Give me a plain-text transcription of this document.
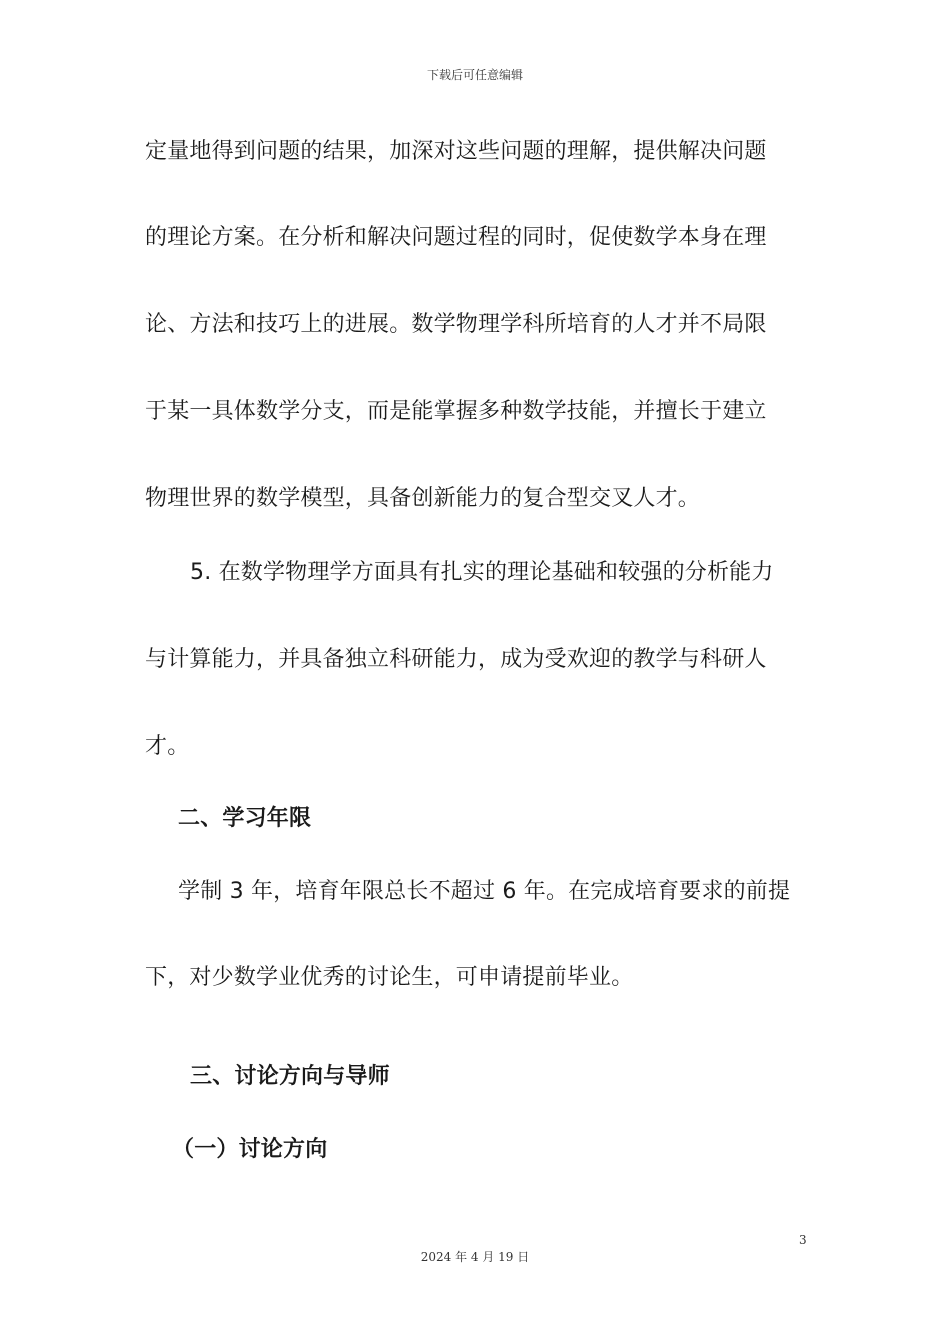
下载后可任意编辑
定量地得到问题的结果，加深对这些问题的理解，提供解决问题
的理论方案。在分析和解决问题过程的同时，促使数学本身在理
论、方法和技巧上的进展。数学物理学科所培育的人才并不局限
于某一具体数学分支，而是能掌握多种数学技能，并擅长于建立
物理世界的数学模型，具备创新能力的复合型交叉人才。
5. 在数学物理学方面具有扎实的理论基础和较强的分析能力
与计算能力，并具备独立科研能力，成为受欢迎的教学与科研人
才。
二、学习年限
学制 3 年，培育年限总长不超过 6 年。在完成培育要求的前提
下，对少数学业优秀的讨论生，可申请提前毕业。
三、讨论方向与导师
（一）讨论方向
3
2024 年 4 月 19 日
